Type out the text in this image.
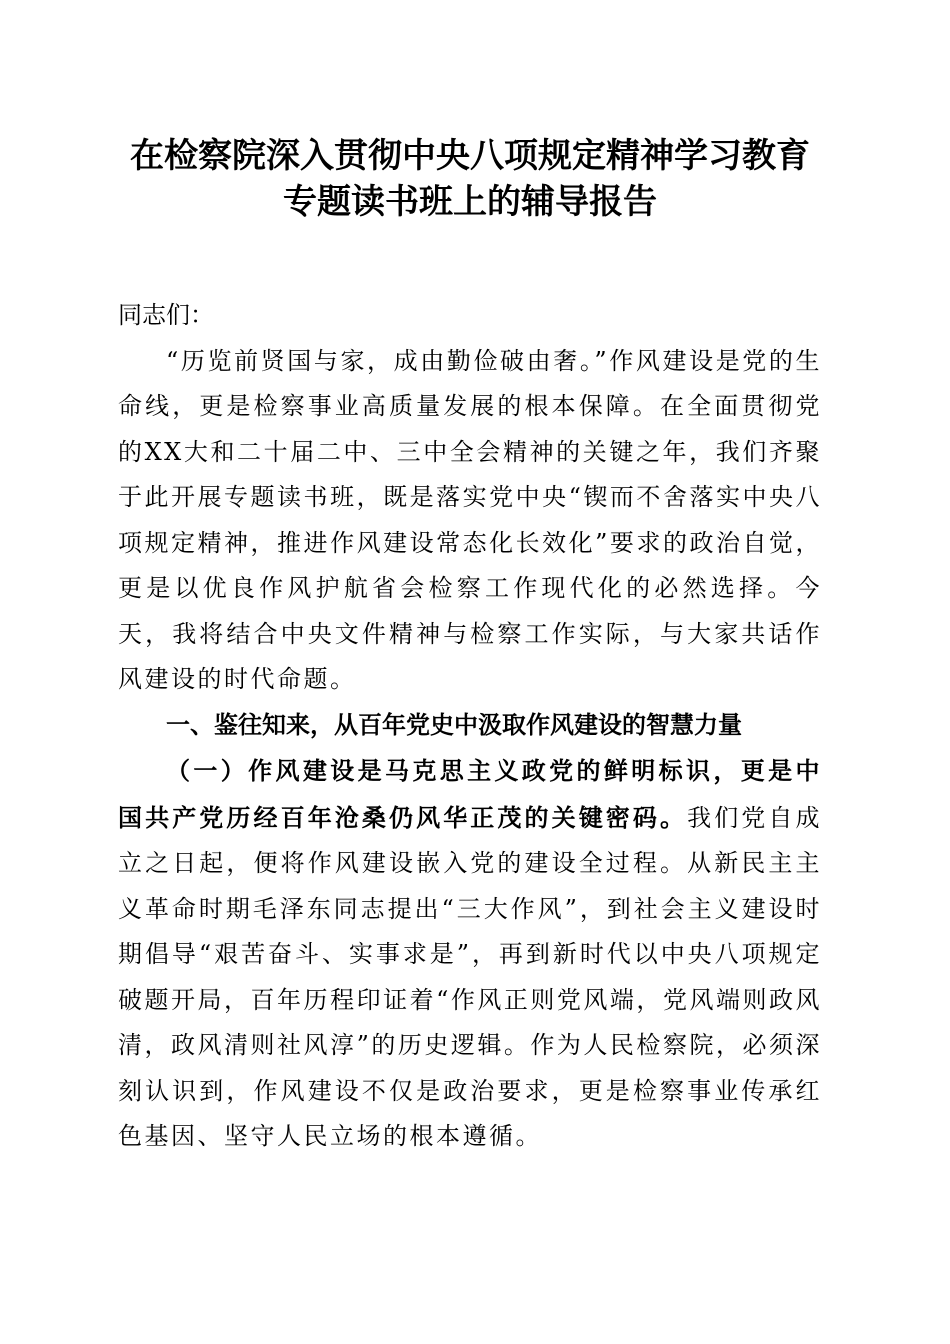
在检察院深入贯彻中央八项规定精神学习教育
专题读书班上的辅导报告

同志们：

“历览前贤国与家，成由勤俭破由奢。”作风建设是党的生命线，更是检察事业高质量发展的根本保障。在全面贯彻党的XX大和二十届二中、三中全会精神的关键之年，我们齐聚于此开展专题读书班，既是落实党中央“锲而不舍落实中央八项规定精神，推进作风建设常态化长效化”要求的政治自觉，更是以优良作风护航省会检察工作现代化的必然选择。今天，我将结合中央文件精神与检察工作实际，与大家共话作风建设的时代命题。

一、鉴往知来，从百年党史中汲取作风建设的智慧力量

（一）作风建设是马克思主义政党的鲜明标识，更是中国共产党历经百年沧桑仍风华正茂的关键密码。我们党自成立之日起，便将作风建设嵌入党的建设全过程。从新民主主义革命时期毛泽东同志提出“三大作风”，到社会主义建设时期倡导“艰苦奋斗、实事求是”，再到新时代以中央八项规定破题开局，百年历程印证着“作风正则党风端，党风端则政风清，政风清则社风淳”的历史逻辑。作为人民检察院，必须深刻认识到，作风建设不仅是政治要求，更是检察事业传承红色基因、坚守人民立场的根本遵循。
